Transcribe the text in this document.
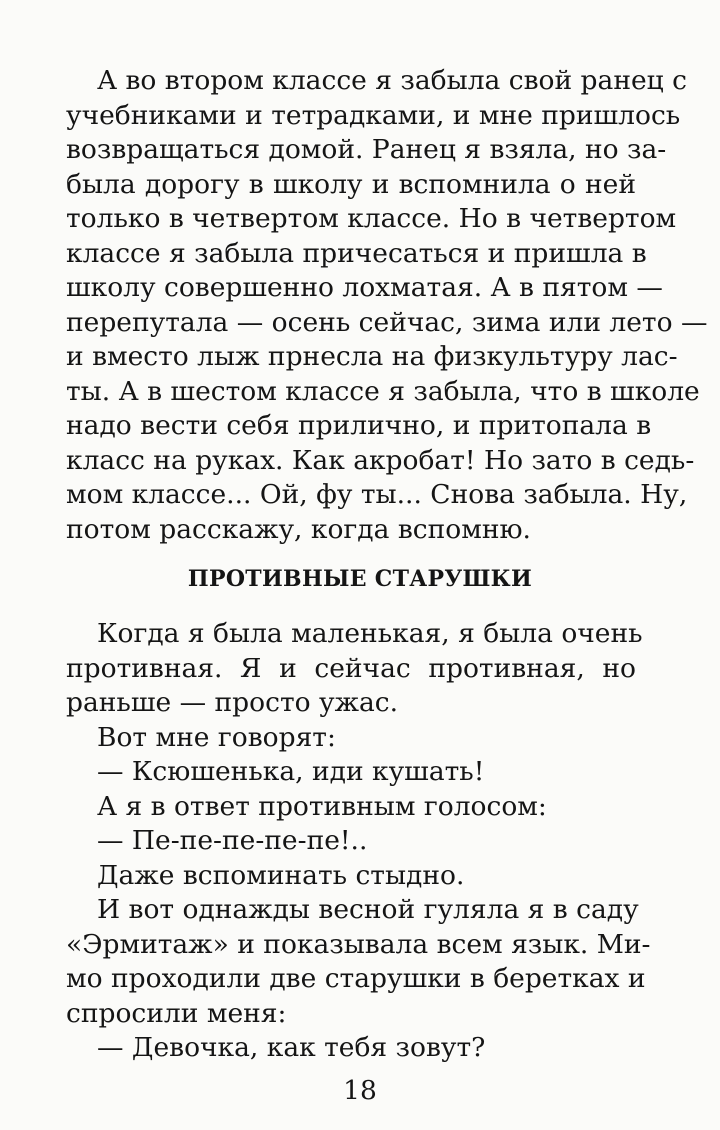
А во втором классе я забыла свой ранец с
учебниками и тетрадками, и мне пришлось
возвращаться домой. Ранец я взяла, но за-
была дорогу в школу и вспомнила о ней
только в четвертом классе. Но в четвертом
классе я забыла причесаться и пришла в
школу совершенно лохматая. А в пятом —
перепутала — осень сейчас, зима или лето —
и вместо лыж прнесла на физкультуру лас-
ты. А в шестом классе я забыла, что в школе
надо вести себя прилично, и притопала в
класс на руках. Как акробат! Но зато в седь-
мом классе... Ой, фу ты... Снова забыла. Ну,
потом расскажу, когда вспомню.
ПРОТИВНЫЕ СТАРУШКИ
Когда я была маленькая, я была очень
противная. Я и сейчас противная, но
раньше — просто ужас.
Вот мне говорят:
— Ксюшенька, иди кушать!
А я в ответ противным голосом:
— Пе-пе-пе-пе-пе!..
Даже вспоминать стыдно.
И вот однажды весной гуляла я в саду
«Эрмитаж» и показывала всем язык. Ми-
мо проходили две старушки в беретках и
спросили меня:
— Девочка, как тебя зовут?
18
